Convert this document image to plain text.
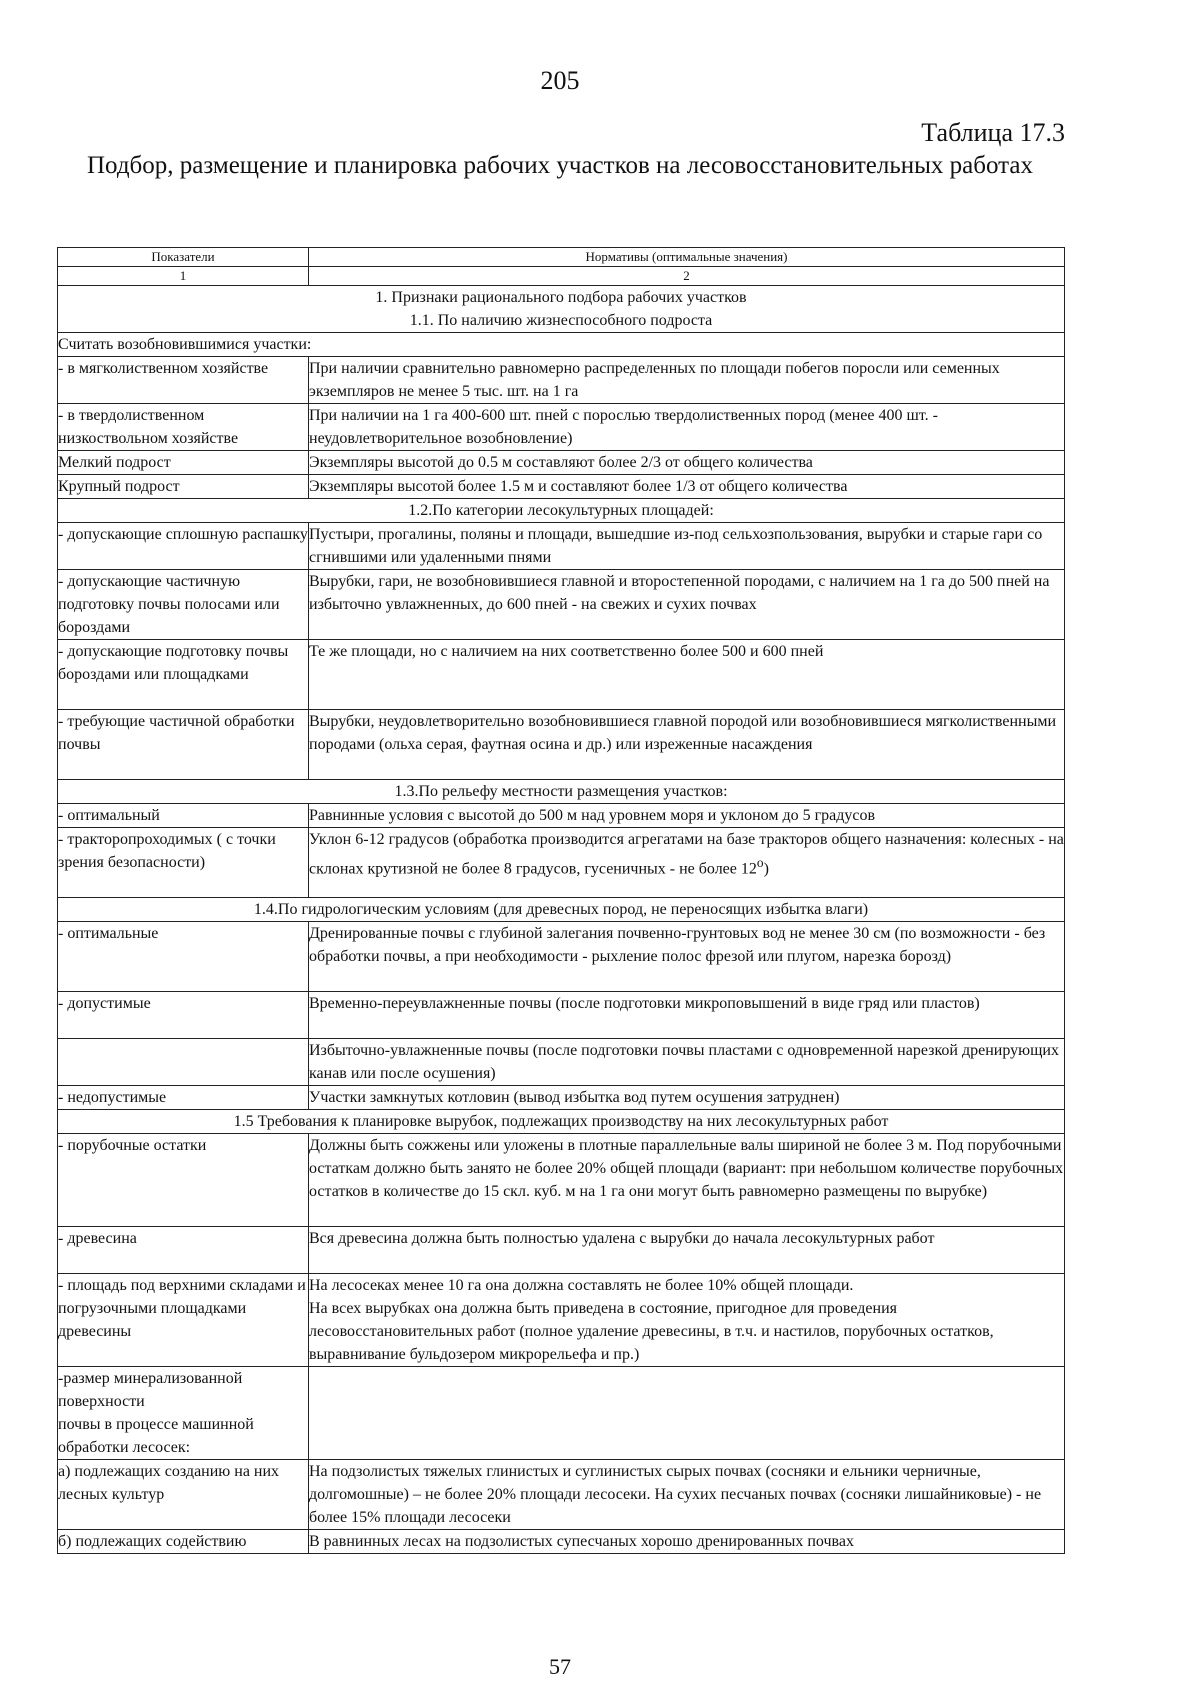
205
Таблица 17.3
Подбор, размещение и планировка рабочих участков на лесовосстановительных работах
Показатели	Нормативы (оптимальные значения)
1	2

1. Признаки рационального подбора рабочих участков
1.1. По наличию жизнеспособного подроста	

Считать возобновившимися участки:	
- в мягколиственном хозяйстве	При наличии сравнительно равномерно распределенных по площади побегов поросли или семенных экземпляров не менее 5 тыс. шт. на 1 га
- в твердолиственном низкоствольном хозяйстве	При наличии на 1 га 400-600 шт. пней с порослью твердолиственных пород (менее 400 шт. - неудовлетворительное возобновление)
Мелкий подрост	Экземпляры высотой до 0.5 м составляют более 2/3 от общего количества
Крупный подрост	Экземпляры высотой более 1.5 м и составляют более 1/3 от общего количества
1.2.По категории лесокультурных площадей:	
- допускающие сплошную распашку	Пустыри, прогалины, поляны и площади, вышедшие из-под сельхозпользования, вырубки и старые гари со сгнившими или удаленными пнями
- допускающие частичную подготовку почвы полосами или бороздами	Вырубки, гари, не возобновившиеся главной и второстепенной породами, с наличием на 1 га до 500 пней на избыточно увлажненных, до 600 пней - на свежих и сухих почвах
- допускающие подготовку почвы бороздами или площадками	Те же площади, но с наличием на них соответственно более 500 и 600 пней
- требующие частичной обработки почвы	Вырубки, неудовлетворительно возобновившиеся главной породой или возобновившиеся мягколиственными породами (ольха серая, фаутная осина и др.) или изреженные насаждения
1.3.По рельефу местности размещения участков:	
- оптимальный	Равнинные условия с высотой до 500 м над уровнем моря и уклоном до 5 градусов
- тракторопроходимых ( с точки зрения безопасности)	Уклон 6-12 градусов (обработка производится агрегатами на базе тракторов общего назначения: колесных - на склонах крутизной не более 8 градусов, гусеничных - не более $12^о$)
1.4.По гидрологическим условиям (для древесных пород, не переносящих избытка влаги)	
- оптимальные	Дренированные почвы с глубиной залегания почвенно-грунтовых вод не менее 30 см (по возможности - без обработки почвы, а при необходимости - рыхление полос фрезой или плугом, нарезка борозд)
- допустимые	Временно-переувлажненные почвы (после подготовки микроповышений в виде гряд или пластов)
	Избыточно-увлажненные почвы (после подготовки почвы пластами с одновременной нарезкой дренирующих канав или после осушения)
- недопустимые	Участки замкнутых котловин (вывод избытка вод путем осушения затруднен)
1.5 Требования к планировке вырубок, подлежащих производству на них лесокультурных работ	
- порубочные остатки	Должны быть сожжены или уложены в плотные параллельные валы шириной не более 3 м. Под порубочными остаткам должно быть занято не более 20% общей площади (вариант: при небольшом количестве порубочных остатков в количестве до 15 скл. куб. м на 1 га они могут быть равномерно размещены по вырубке)
- древесина	Вся древесина должна быть полностью удалена с вырубки до начала лесокультурных работ
- площадь под верхними складами и погрузочными площадками древесины	На лесосеках менее 10 га она должна составлять не более 10% общей площади.
На всех вырубках она должна быть приведена в состояние, пригодное для проведения лесовосстановительных работ (полное удаление древесины, в т.ч. и настилов, порубочных остатков, выравнивание бульдозером микрорельефа и пр.)

-размер минерализованной поверхности
почвы в процессе машинной обработки лесосек:	

а) подлежащих созданию на них лесных культур	На подзолистых тяжелых глинистых и суглинистых сырых почвах (сосняки и ельники черничные, долгомошные) – не более 20% площади лесосеки. На сухих песчаных почвах (сосняки лишайниковые) - не более 15% площади лесосеки
б) подлежащих содействию	В равнинных лесах на подзолистых супесчаных хорошо дренированных почвах
57
